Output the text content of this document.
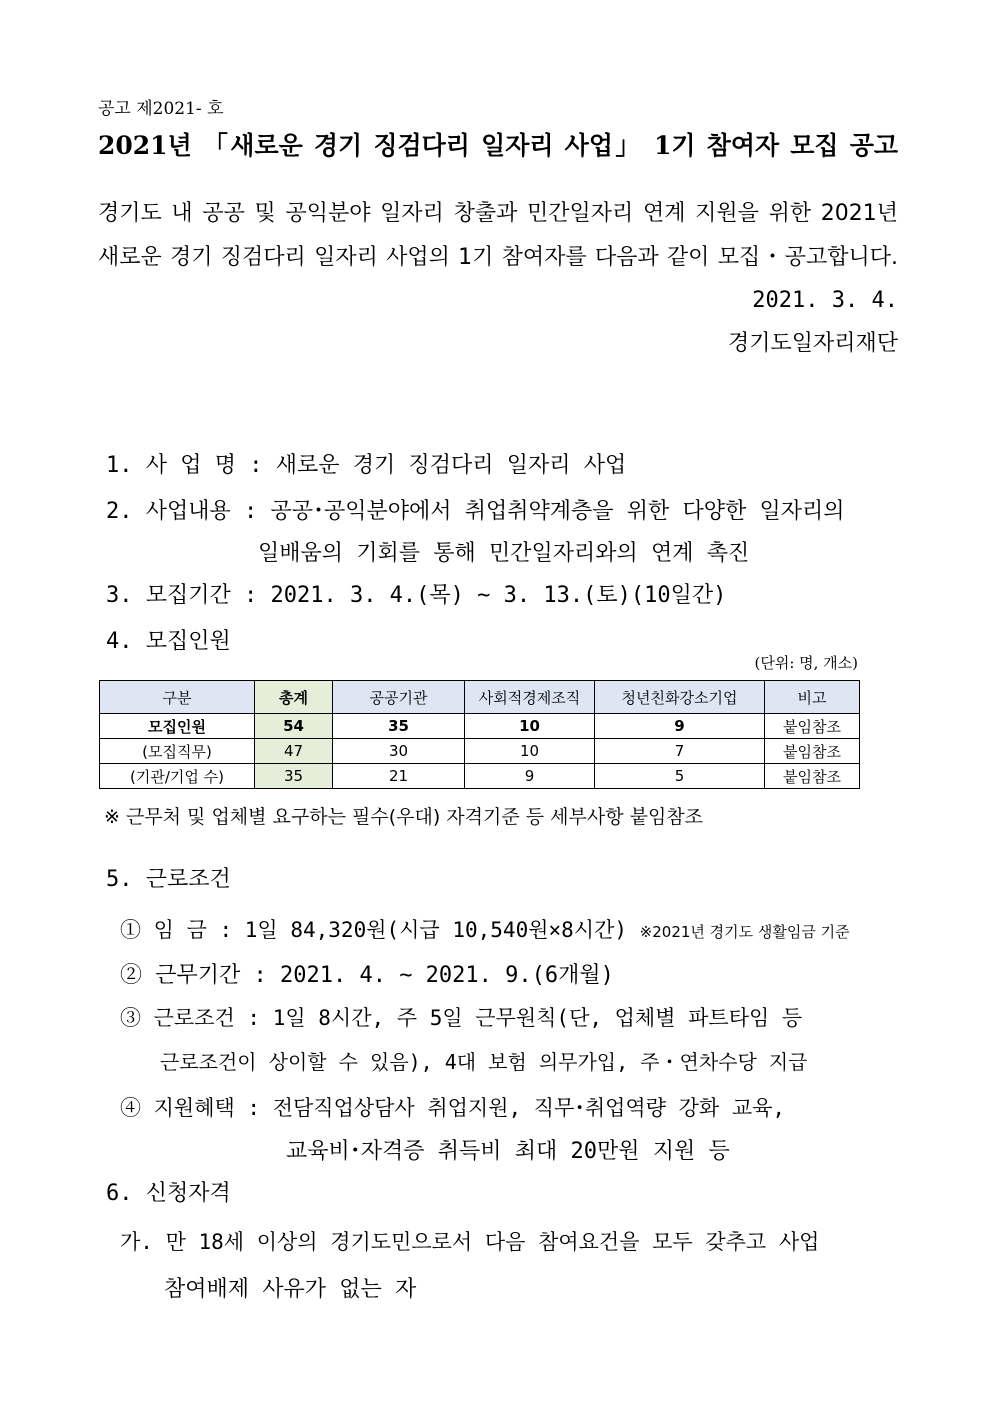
공고 제2021- 호
2021년 「새로운 경기 징검다리 일자리 사업」 1기 참여자 모집 공고
경기도 내 공공 및 공익분야 일자리 창출과 민간일자리 연계 지원을 위한 2021년
새로운 경기 징검다리 일자리 사업의 1기 참여자를 다음과 같이 모집・공고합니다.
2021. 3. 4.
경기도일자리재단
1. 사 업 명 : 새로운 경기 징검다리 일자리 사업
2. 사업내용 : 공공･공익분야에서 취업취약계층을 위한 다양한 일자리의
일배움의 기회를 통해 민간일자리와의 연계 촉진
3. 모집기간 : 2021. 3. 4.(목) ~ 3. 13.(토)(10일간)
4. 모집인원
(단위: 명, 개소)
구분	총계	공공기관	사회적경제조직	청년친화강소기업	비고
모집인원	54	35	10	9	붙임참조
(모집직무)	47	30	10	7	붙임참조
(기관/기업 수)	35	21	9	5	붙임참조
※ 근무처 및 업체별 요구하는 필수(우대) 자격기준 등 세부사항 붙임참조
5. 근로조건
① 임 금 : 1일 84,320원(시급 10,540원×8시간) ※2021년 경기도 생활임금 기준
② 근무기간 : 2021. 4. ~ 2021. 9.(6개월)
③ 근로조건 : 1일 8시간, 주 5일 근무원칙(단, 업체별 파트타임 등
근로조건이 상이할 수 있음), 4대 보험 의무가입, 주・연차수당 지급
④ 지원혜택 : 전담직업상담사 취업지원, 직무･취업역량 강화 교육,
교육비･자격증 취득비 최대 20만원 지원 등
6. 신청자격
가. 만 18세 이상의 경기도민으로서 다음 참여요건을 모두 갖추고 사업
참여배제 사유가 없는 자
